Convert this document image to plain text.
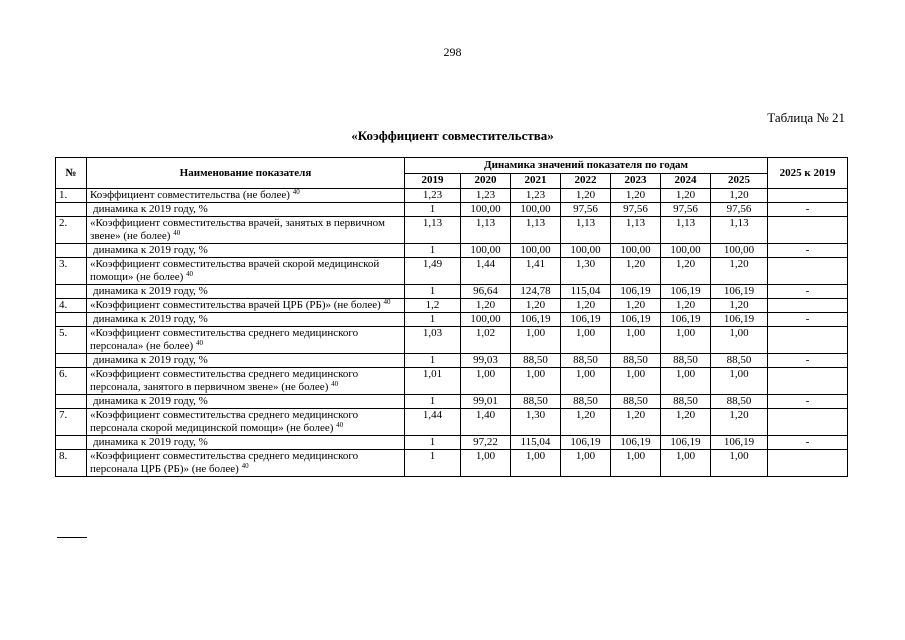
298
Таблица № 21
«Коэффициент совместительства»
№	Наименование показателя	Динамика значений показателя по годам							2025 к 2019
		2019	2020	2021	2022	2023	2024	2025	
1.	Коэффициент совместительства (не более) $^{40}$	1,23	1,23	1,23	1,20	1,20	1,20	1,20	
	динамика к 2019 году, %	1	100,00	100,00	97,56	97,56	97,56	97,56	-
2.	«Коэффициент совместительства врачей, занятых в первичном звене» (не более) $^{40}$	1,13	1,13	1,13	1,13	1,13	1,13	1,13	
	динамика к 2019 году, %	1	100,00	100,00	100,00	100,00	100,00	100,00	-
3.	«Коэффициент совместительства врачей скорой медицинской помощи» (не более) $^{40}$	1,49	1,44	1,41	1,30	1,20	1,20	1,20	
	динамика к 2019 году, %	1	96,64	124,78	115,04	106,19	106,19	106,19	-
4.	«Коэффициент совместительства врачей ЦРБ (РБ)» (не более) $^{40}$	1,2	1,20	1,20	1,20	1,20	1,20	1,20	
	динамика к 2019 году, %	1	100,00	106,19	106,19	106,19	106,19	106,19	-
5.	«Коэффициент совместительства среднего медицинского персонала» (не более) $^{40}$	1,03	1,02	1,00	1,00	1,00	1,00	1,00	
	динамика к 2019 году, %	1	99,03	88,50	88,50	88,50	88,50	88,50	-
6.	«Коэффициент совместительства среднего медицинского персонала, занятого в первичном звене» (не более) $^{40}$	1,01	1,00	1,00	1,00	1,00	1,00	1,00	
	динамика к 2019 году, %	1	99,01	88,50	88,50	88,50	88,50	88,50	-
7.	«Коэффициент совместительства среднего медицинского персонала скорой медицинской помощи» (не более) $^{40}$	1,44	1,40	1,30	1,20	1,20	1,20	1,20	
	динамика к 2019 году, %	1	97,22	115,04	106,19	106,19	106,19	106,19	-
8.	«Коэффициент совместительства среднего медицинского персонала ЦРБ (РБ)» (не более) $^{40}$	1	1,00	1,00	1,00	1,00	1,00	1,00	
